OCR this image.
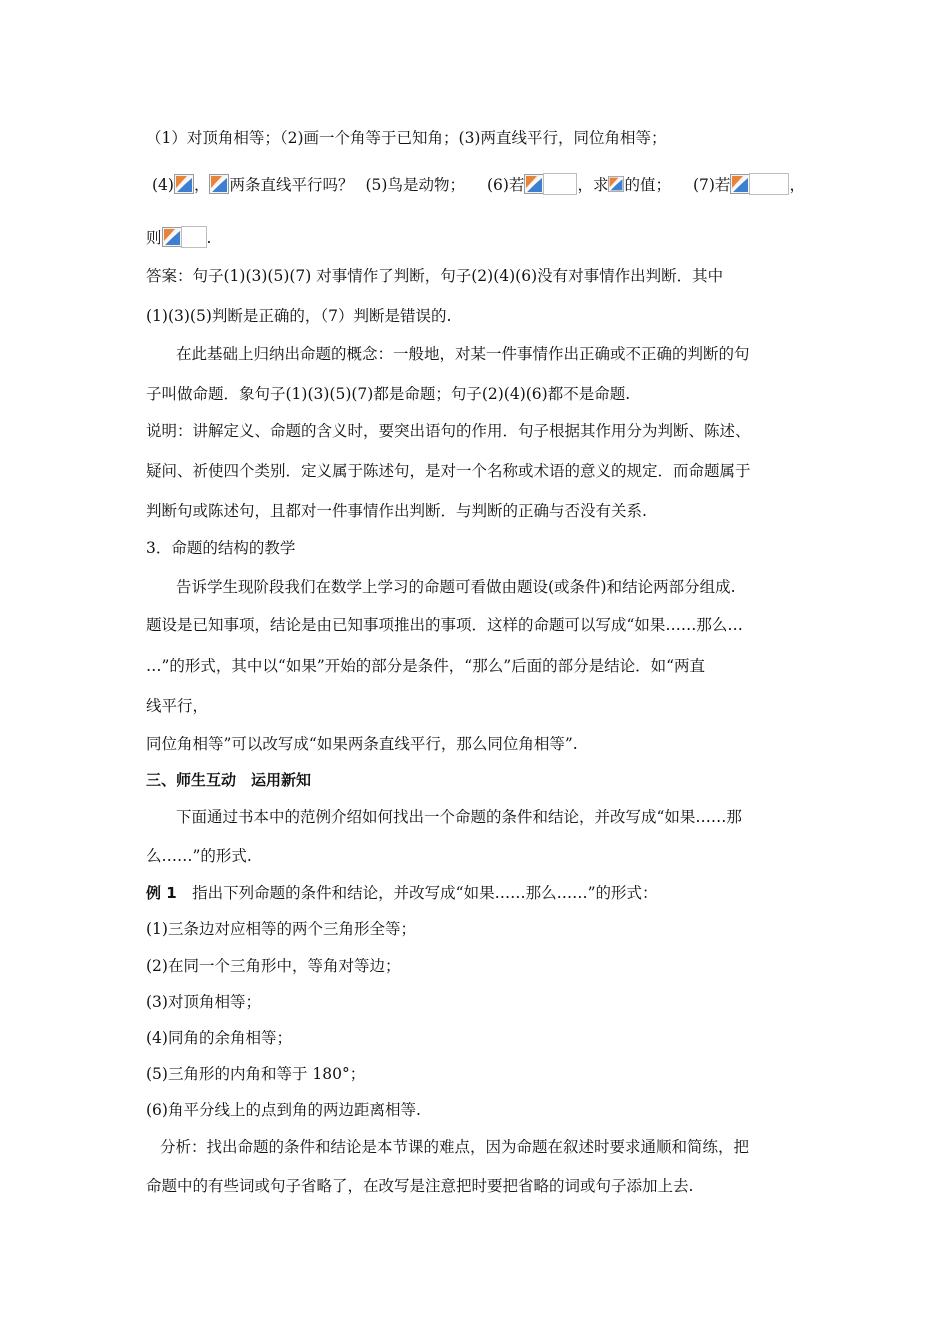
（1）对顶角相等；（2)画一个角等于已知角；(3)两直线平行，同位角相等；
(4) ， 两条直线平行吗？ (5)鸟是动物； (6)若	，求 的值； (7)若	，
则	.
答案：句子(1)(3)(5)(7) 对事情作了判断，句子(2)(4)(6)没有对事情作出判断．其中
(1)(3)(5)判断是正确的，（7）判断是错误的.
在此基础上归纳出命题的概念：一般地，对某一件事情作出正确或不正确的判断的句
子叫做命题．象句子(1)(3)(5)(7)都是命题；句子(2)(4)(6)都不是命题.
说明：讲解定义、命题的含义时，要突出语句的作用．句子根据其作用分为判断、陈述、
疑问、祈使四个类别．定义属于陈述句，是对一个名称或术语的意义的规定．而命题属于
判断句或陈述句，且都对一件事情作出判断．与判断的正确与否没有关系.
3．命题的结构的教学
告诉学生现阶段我们在数学上学习的命题可看做由题设(或条件)和结论两部分组成.
题设是已知事项，结论是由已知事项推出的事项．这样的命题可以写成“如果……那么…
…”的形式，其中以“如果”开始的部分是条件，“那么”后面的部分是结论．如“两直
线平行，
同位角相等”可以改写成“如果两条直线平行，那么同位角相等”.
三、师生互动　运用新知
下面通过书本中的范例介绍如何找出一个命题的条件和结论，并改写成“如果……那
么……”的形式.
例 1　指出下列命题的条件和结论，并改写成“如果……那么……”的形式：
(1)三条边对应相等的两个三角形全等；
(2)在同一个三角形中，等角对等边；
(3)对顶角相等；
(4)同角的余角相等；
(5)三角形的内角和等于 180°；
(6)角平分线上的点到角的两边距离相等.
分析：找出命题的条件和结论是本节课的难点，因为命题在叙述时要求通顺和简练，把
命题中的有些词或句子省略了，在改写是注意把时要把省略的词或句子添加上去.
